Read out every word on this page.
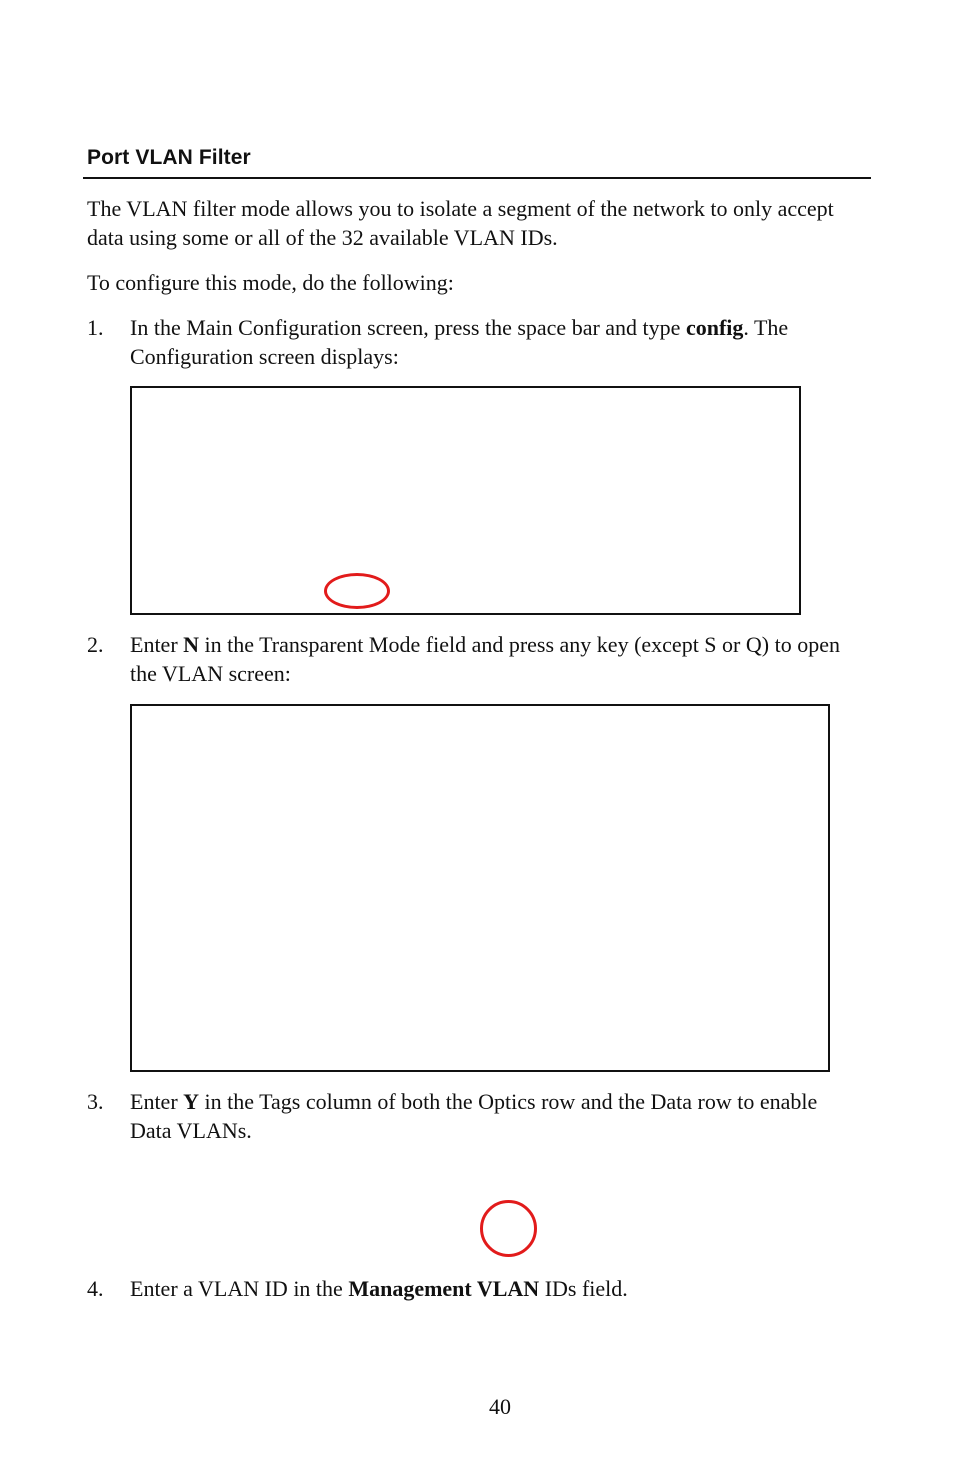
Port VLAN Filter
The VLAN filter mode allows you to isolate a segment of the network to only accept data using some or all of the 32 available VLAN IDs.
To configure this mode, do the following:
1.	In the Main Configuration screen, press the space bar and type config. The Configuration screen displays:
2.	Enter N in the Transparent Mode field and press any key (except S or Q) to open the VLAN screen:
3.	Enter Y in the Tags column of both the Optics row and the Data row to enable Data VLANs.
4.	Enter a VLAN ID in the Management VLAN IDs field.
40
